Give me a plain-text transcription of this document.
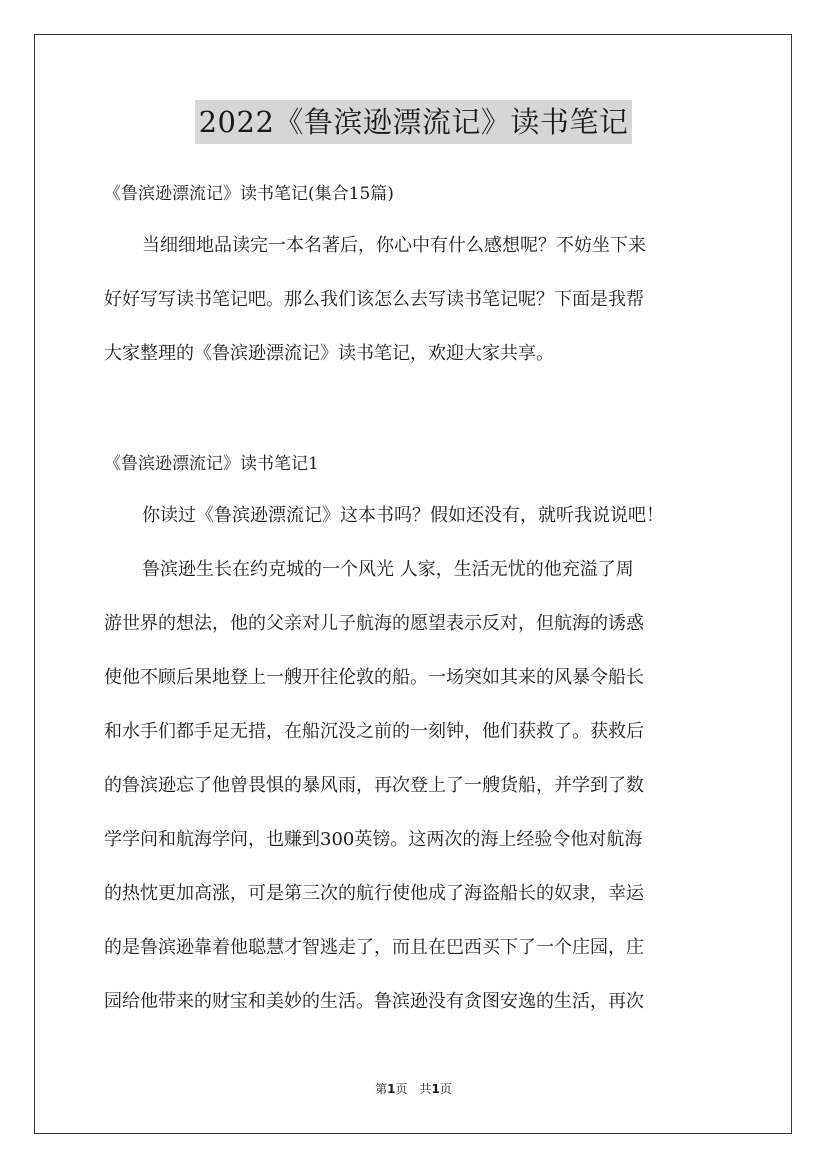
2022《鲁滨逊漂流记》读书笔记
《鲁滨逊漂流记》读书笔记(集合15篇)
当细细地品读完一本名著后，你心中有什么感想呢？不妨坐下来
好好写写读书笔记吧。那么我们该怎么去写读书笔记呢？下面是我帮
大家整理的《鲁滨逊漂流记》读书笔记，欢迎大家共享。
《鲁滨逊漂流记》读书笔记1
你读过《鲁滨逊漂流记》这本书吗？假如还没有，就听我说说吧！
鲁滨逊生长在约克城的一个风光 人家，生活无忧的他充溢了周
游世界的想法，他的父亲对儿子航海的愿望表示反对，但航海的诱惑
使他不顾后果地登上一艘开往伦敦的船。一场突如其来的风暴令船长
和水手们都手足无措，在船沉没之前的一刻钟，他们获救了。获救后
的鲁滨逊忘了他曾畏惧的暴风雨，再次登上了一艘货船，并学到了数
学学问和航海学问，也赚到300英镑。这两次的海上经验令他对航海
的热忱更加高涨，可是第三次的航行使他成了海盗船长的奴隶，幸运
的是鲁滨逊靠着他聪慧才智逃走了，而且在巴西买下了一个庄园，庄
园给他带来的财宝和美妙的生活。鲁滨逊没有贪图安逸的生活，再次
第1页 共1页
